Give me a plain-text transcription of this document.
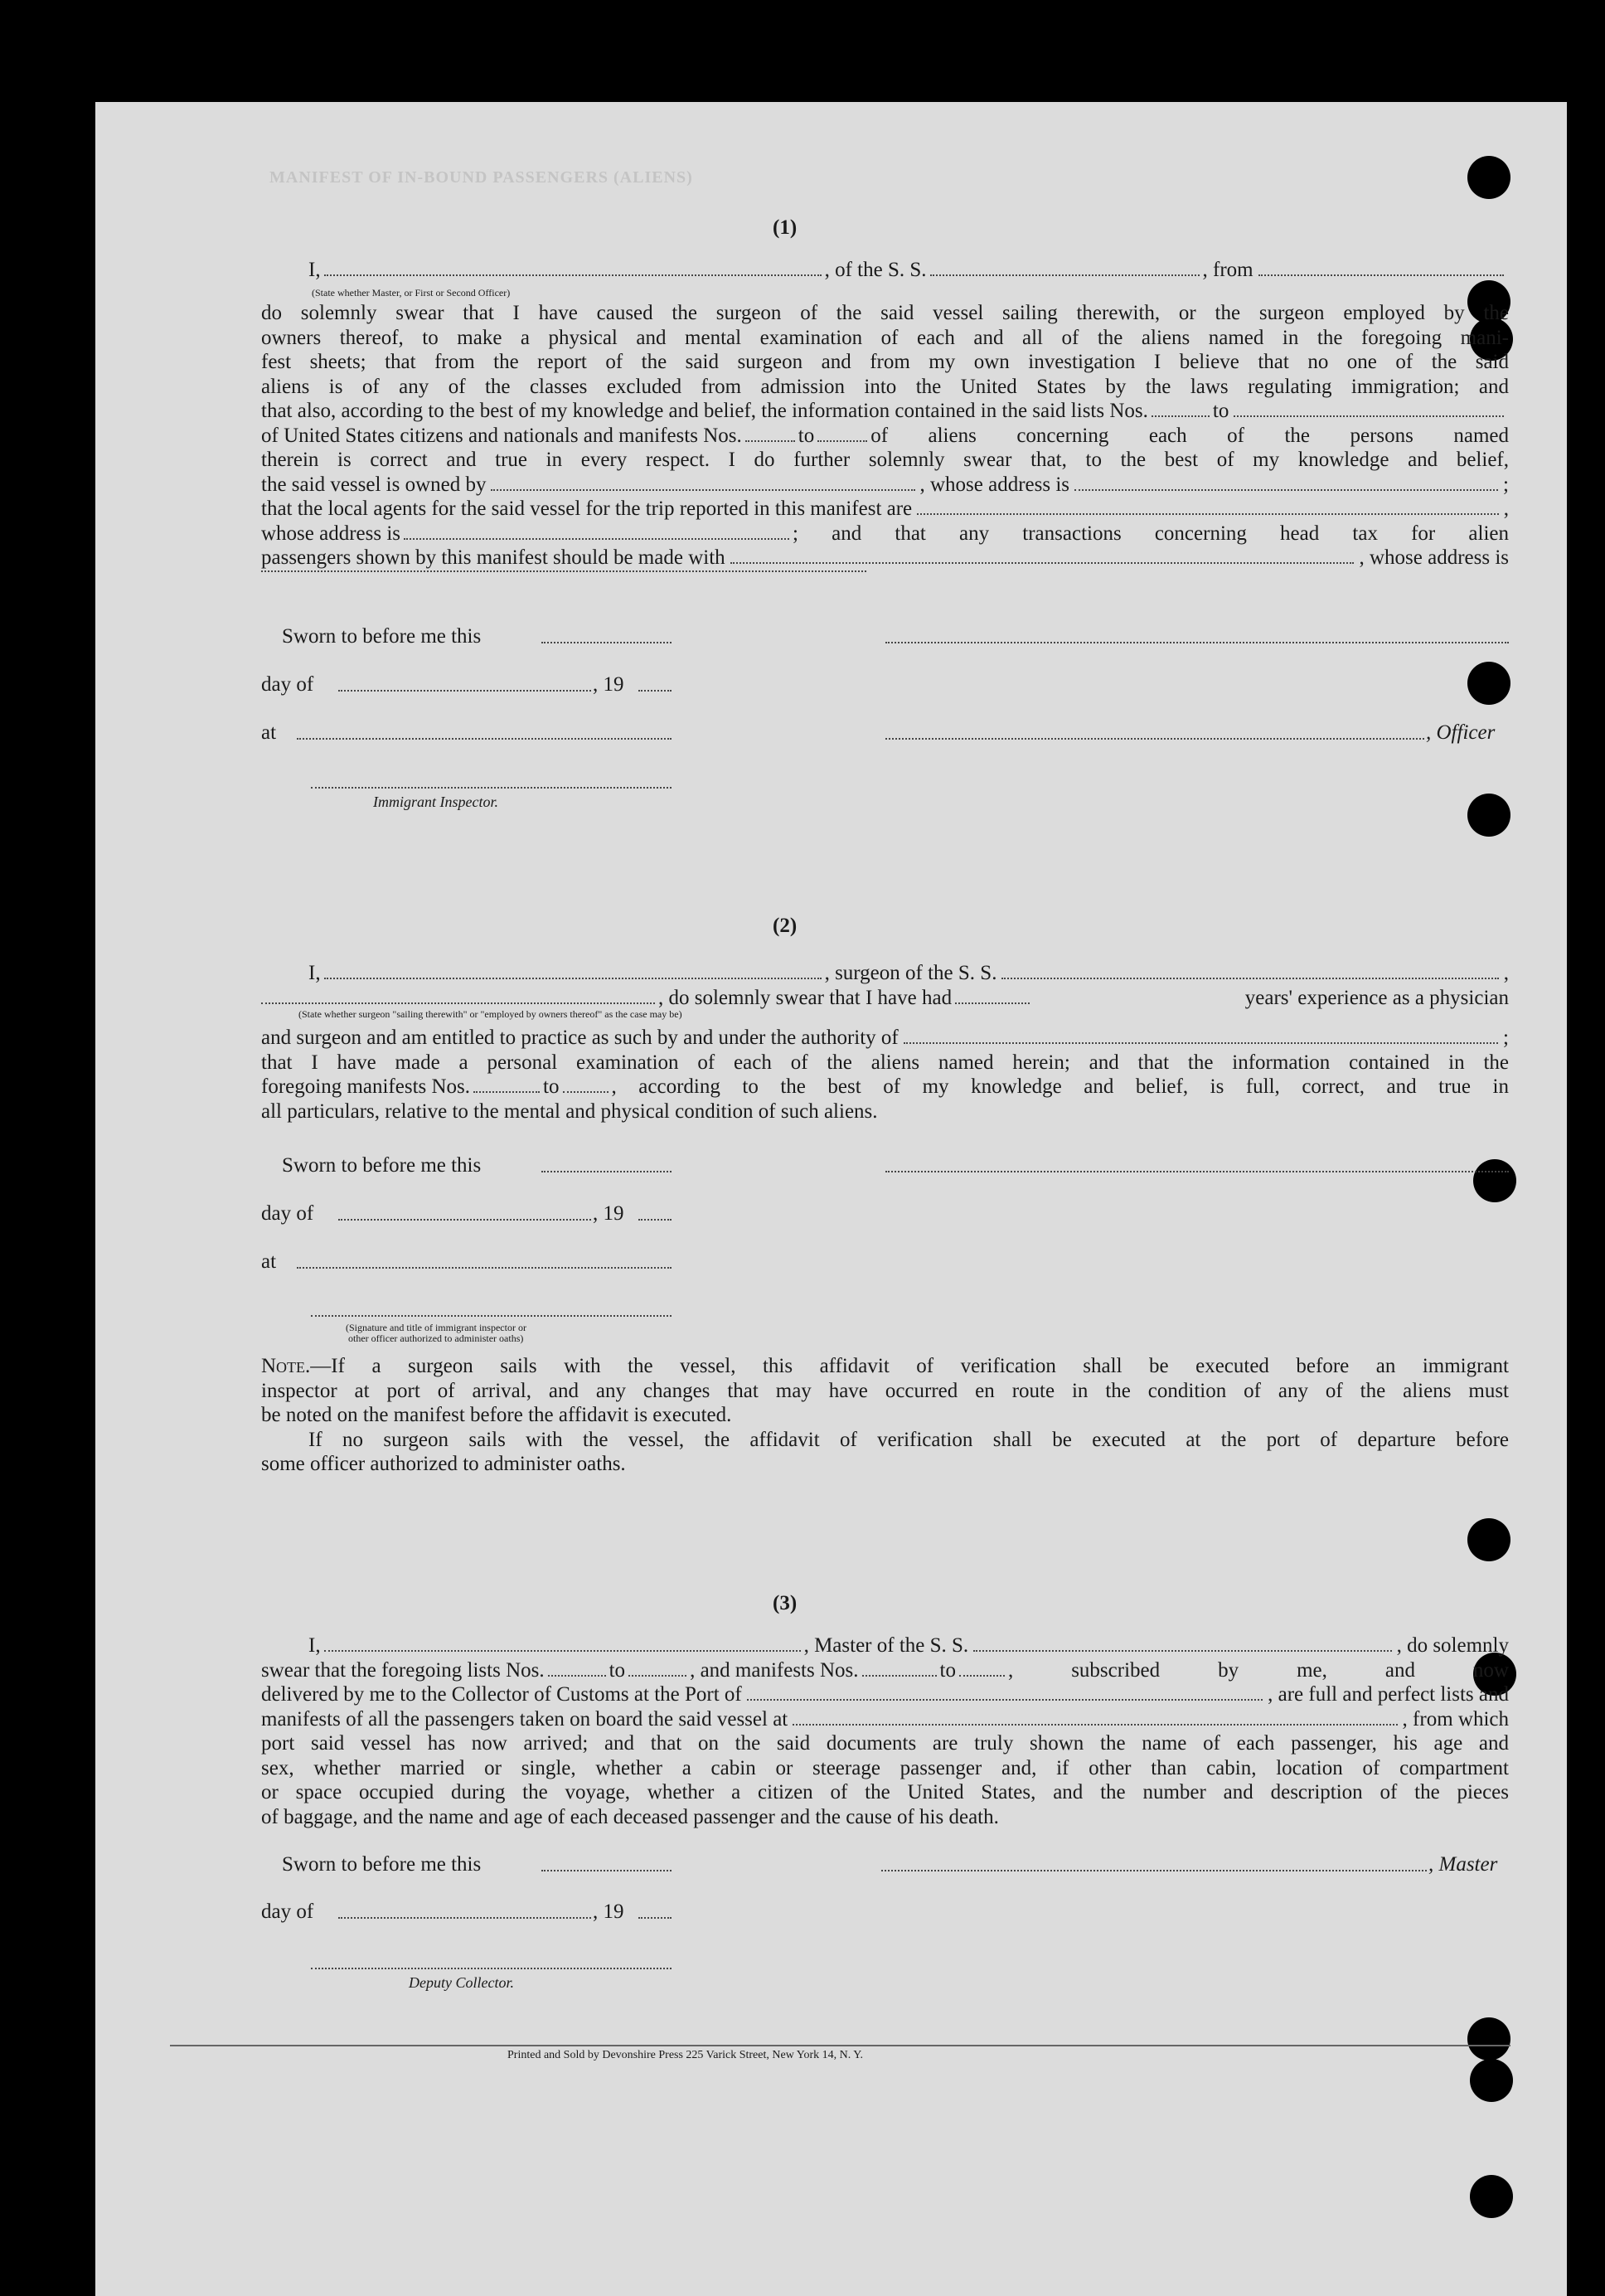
MANIFEST OF IN-BOUND PASSENGERS (ALIENS)
(1)
I,	, of the S. S.	, from
(State whether Master, or First or Second Officer)
do solemnly swear that I have caused the surgeon of the said vessel sailing therewith, or the surgeon employed by the
owners thereof, to make a physical and mental examination of each and all of the aliens named in the foregoing mani-
fest sheets; that from the report of the said surgeon and from my own investigation I believe that no one of the said
aliens is of any of the classes excluded from admission into the United States by the laws regulating immigration; and
that also, according to the best of my knowledge and belief, the information contained in the said lists Nos.	to
of United States citizens and nationals and manifests Nos.	to	of aliens concerning each of the persons named
therein is correct and true in every respect. I do further solemnly swear that, to the best of my knowledge and belief,
the said vessel is owned by	, whose address is	;
that the local agents for the said vessel for the trip reported in this manifest are	,
whose address is	; and that any transactions concerning head tax for alien
passengers shown by this manifest should be made with	, whose address is
Sworn to before me this
day of	, 19
at	, Officer
Immigrant Inspector.
(2)
I,	, surgeon of the S. S.	,
, do solemnly swear that I have had	years' experience as a physician
(State whether surgeon "sailing therewith" or "employed by owners thereof" as the case may be)
and surgeon and am entitled to practice as such by and under the authority of	;
that I have made a personal examination of each of the aliens named herein; and that the information contained in the
foregoing manifests Nos.	to	, according to the best of my knowledge and belief, is full, correct, and true in
all particulars, relative to the mental and physical condition of such aliens.
Sworn to before me this
day of	, 19
at
(Signature and title of immigrant inspector or
other officer authorized to administer oaths)
Note.—If a surgeon sails with the vessel, this affidavit of verification shall be executed before an immigrant
inspector at port of arrival, and any changes that may have occurred en route in the condition of any of the aliens must
be noted on the manifest before the affidavit is executed.
If no surgeon sails with the vessel, the affidavit of verification shall be executed at the port of departure before
some officer authorized to administer oaths.
(3)
I,	, Master of the S. S.	, do solemnly
swear that the foregoing lists Nos.	to	, and manifests Nos.	to	, subscribed by me, and now
delivered by me to the Collector of Customs at the Port of	, are full and perfect lists and
manifests of all the passengers taken on board the said vessel at	, from which
port said vessel has now arrived; and that on the said documents are truly shown the name of each passenger, his age and
sex, whether married or single, whether a cabin or steerage passenger and, if other than cabin, location of compartment
or space occupied during the voyage, whether a citizen of the United States, and the number and description of the pieces
of baggage, and the name and age of each deceased passenger and the cause of his death.
Sworn to before me this	, Master
day of	, 19
Deputy Collector.
Printed and Sold by Devonshire Press 225 Varick Street, New York 14, N. Y.
